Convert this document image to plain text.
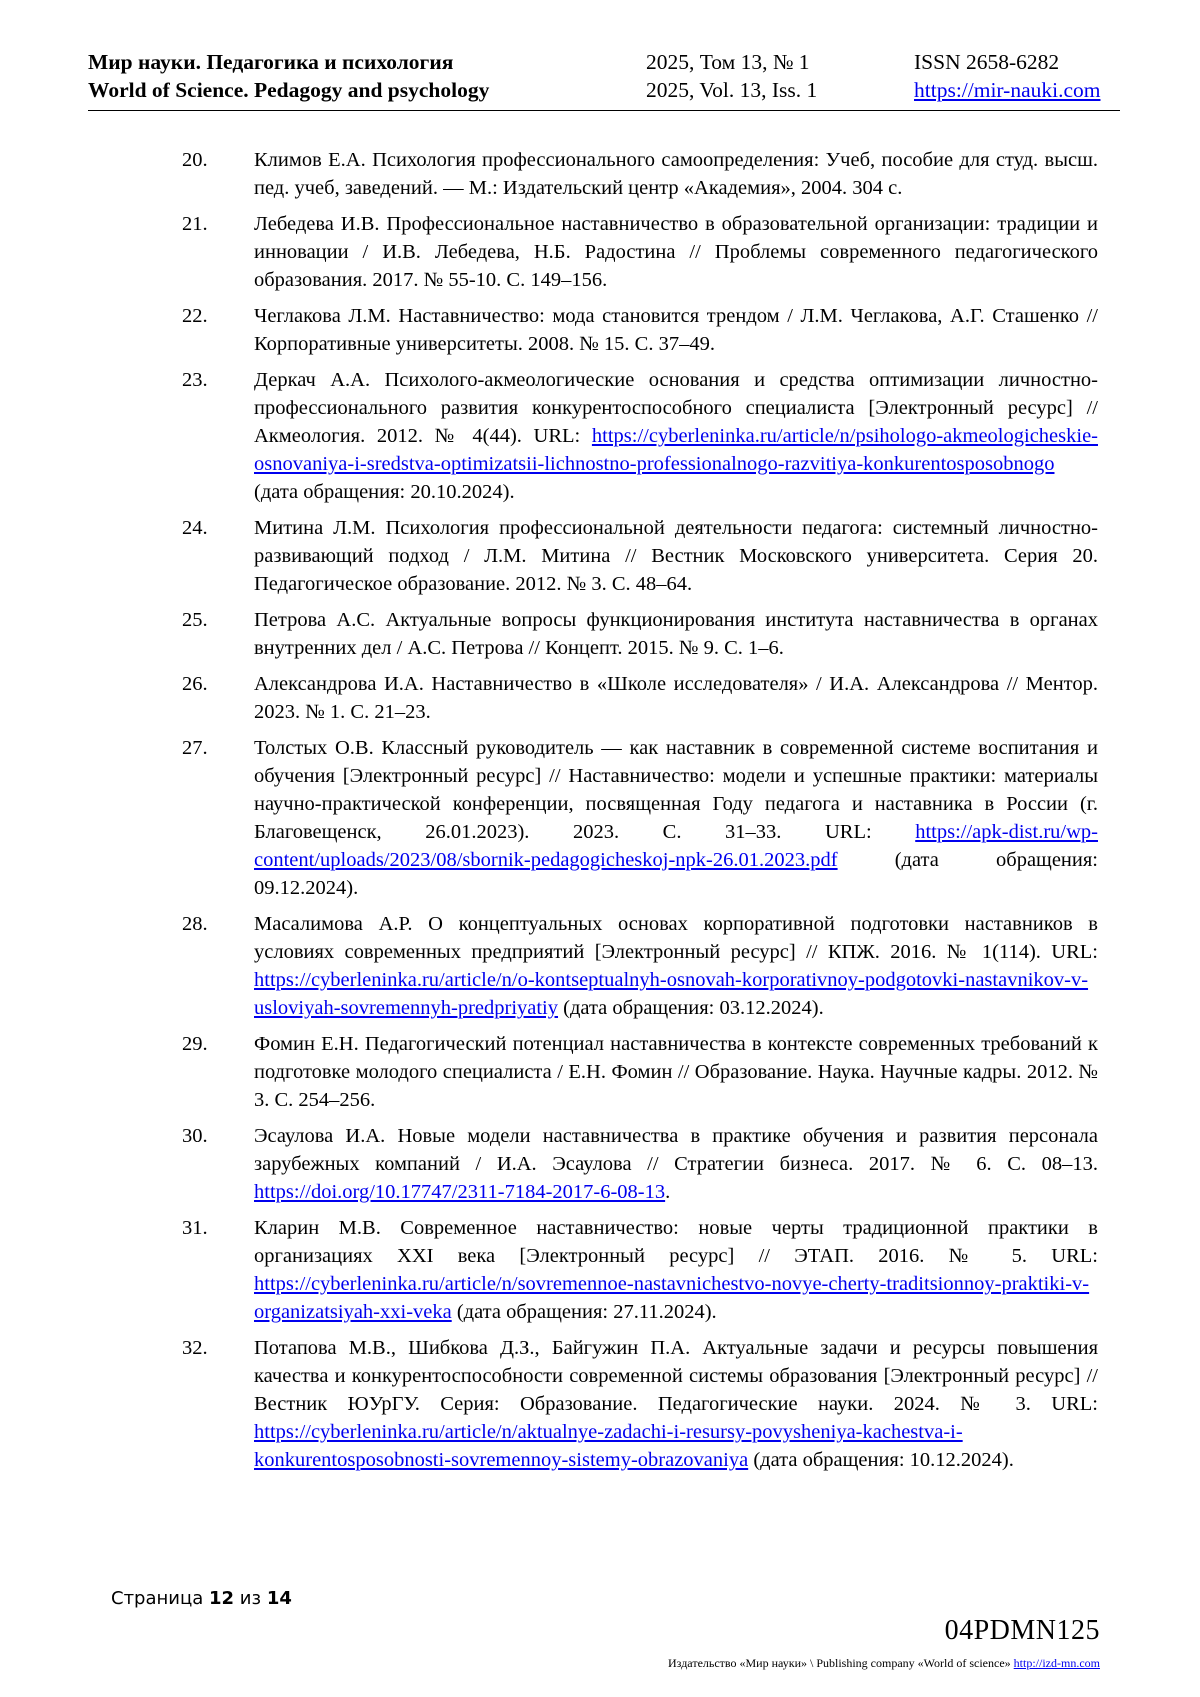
Мир науки. Педагогика и психология	2025, Том 13, № 1	ISSN 2658-6282
World of Science. Pedagogy and psychology	2025, Vol. 13, Iss. 1	https://mir-nauki.com
20. Климов Е.А. Психология профессионального самоопределения: Учеб, пособие для студ. высш. пед. учеб, заведений. — М.: Издательский центр «Академия», 2004. 304 с.
21. Лебедева И.В. Профессиональное наставничество в образовательной организации: традиции и инновации / И.В. Лебедева, Н.Б. Радостина // Проблемы современного педагогического образования. 2017. № 55-10. С. 149–156.
22. Чеглакова Л.М. Наставничество: мода становится трендом / Л.М. Чеглакова, А.Г. Сташенко // Корпоративные университеты. 2008. № 15. С. 37–49.
23. Деркач А.А. Психолого-акмеологические основания и средства оптимизации личностно-профессионального развития конкурентоспособного специалиста [Электронный ресурс] // Акмеология. 2012. № 4(44). URL: https://cyberleninka.ru/article/n/psihologo-akmeologicheskie-osnovaniya-i-sredstva-optimizatsii-lichnostno-professionalnogo-razvitiya-konkurentosposobnogo (дата обращения: 20.10.2024).
24. Митина Л.М. Психология профессиональной деятельности педагога: системный личностно-развивающий подход / Л.М. Митина // Вестник Московского университета. Серия 20. Педагогическое образование. 2012. № 3. С. 48–64.
25. Петрова А.С. Актуальные вопросы функционирования института наставничества в органах внутренних дел / А.С. Петрова // Концепт. 2015. № 9. С. 1–6.
26. Александрова И.А. Наставничество в «Школе исследователя» / И.А. Александрова // Ментор. 2023. № 1. С. 21–23.
27. Толстых О.В. Классный руководитель — как наставник в современной системе воспитания и обучения [Электронный ресурс] // Наставничество: модели и успешные практики: материалы научно-практической конференции, посвященная Году педагога и наставника в России (г. Благовещенск, 26.01.2023). 2023. С. 31–33. URL: https://apk-dist.ru/wp-content/uploads/2023/08/sbornik-pedagogicheskoj-npk-26.01.2023.pdf (дата обращения: 09.12.2024).
28. Масалимова А.Р. О концептуальных основах корпоративной подготовки наставников в условиях современных предприятий [Электронный ресурс] // КПЖ. 2016. № 1(114). URL: https://cyberleninka.ru/article/n/o-kontseptualnyh-osnovah-korporativnoy-podgotovki-nastavnikov-v-usloviyah-sovremennyh-predpriyatiy (дата обращения: 03.12.2024).
29. Фомин Е.Н. Педагогический потенциал наставничества в контексте современных требований к подготовке молодого специалиста / Е.Н. Фомин // Образование. Наука. Научные кадры. 2012. № 3. С. 254–256.
30. Эсаулова И.А. Новые модели наставничества в практике обучения и развития персонала зарубежных компаний / И.А. Эсаулова // Стратегии бизнеса. 2017. № 6. С. 08–13. https://doi.org/10.17747/2311-7184-2017-6-08-13.
31. Кларин М.В. Современное наставничество: новые черты традиционной практики в организациях XXI века [Электронный ресурс] // ЭТАП. 2016. № 5. URL: https://cyberleninka.ru/article/n/sovremennoe-nastavnichestvo-novye-cherty-traditsionnoy-praktiki-v-organizatsiyah-xxi-veka (дата обращения: 27.11.2024).
32. Потапова М.В., Шибкова Д.З., Байгужин П.А. Актуальные задачи и ресурсы повышения качества и конкурентоспособности современной системы образования [Электронный ресурс] // Вестник ЮУрГУ. Серия: Образование. Педагогические науки. 2024. № 3. URL: https://cyberleninka.ru/article/n/aktualnye-zadachi-i-resursy-povysheniya-kachestva-i-konkurentosposobnosti-sovremennoy-sistemy-obrazovaniya (дата обращения: 10.12.2024).
Страница 12 из 14
04PDMN125
Издательство «Мир науки» \ Publishing company «World of science» http://izd-mn.com
